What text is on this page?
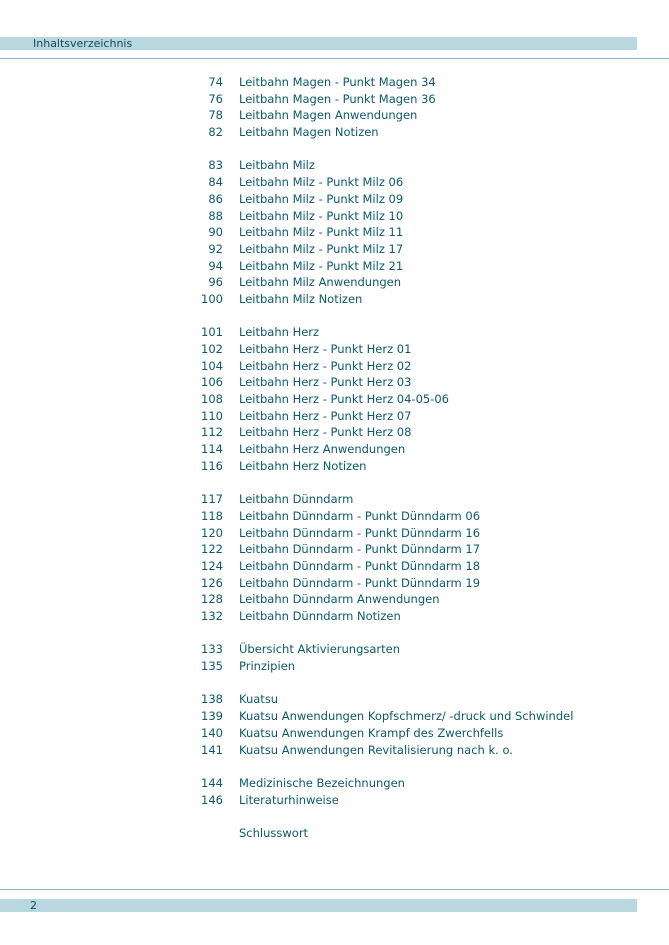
Inhaltsverzeichnis
74 Leitbahn Magen - Punkt Magen 34
76 Leitbahn Magen - Punkt Magen 36
78 Leitbahn Magen Anwendungen
82 Leitbahn Magen Notizen
83 Leitbahn Milz
84 Leitbahn Milz - Punkt Milz 06
86 Leitbahn Milz - Punkt Milz 09
88 Leitbahn Milz - Punkt Milz 10
90 Leitbahn Milz - Punkt Milz 11
92 Leitbahn Milz - Punkt Milz 17
94 Leitbahn Milz - Punkt Milz 21
96 Leitbahn Milz Anwendungen
100 Leitbahn Milz Notizen
101 Leitbahn Herz
102 Leitbahn Herz - Punkt Herz 01
104 Leitbahn Herz - Punkt Herz 02
106 Leitbahn Herz - Punkt Herz 03
108 Leitbahn Herz - Punkt Herz 04-05-06
110 Leitbahn Herz - Punkt Herz 07
112 Leitbahn Herz - Punkt Herz 08
114 Leitbahn Herz Anwendungen
116 Leitbahn Herz Notizen
117 Leitbahn Dünndarm
118 Leitbahn Dünndarm - Punkt Dünndarm 06
120 Leitbahn Dünndarm - Punkt Dünndarm 16
122 Leitbahn Dünndarm - Punkt Dünndarm 17
124 Leitbahn Dünndarm - Punkt Dünndarm 18
126 Leitbahn Dünndarm - Punkt Dünndarm 19
128 Leitbahn Dünndarm Anwendungen
132 Leitbahn Dünndarm Notizen
133 Übersicht Aktivierungsarten
135 Prinzipien
138 Kuatsu
139 Kuatsu Anwendungen Kopfschmerz/ -druck und Schwindel
140 Kuatsu Anwendungen Krampf des Zwerchfells
141 Kuatsu Anwendungen Revitalisierung nach k. o.
144 Medizinische Bezeichnungen
146 Literaturhinweise
Schlusswort
2
